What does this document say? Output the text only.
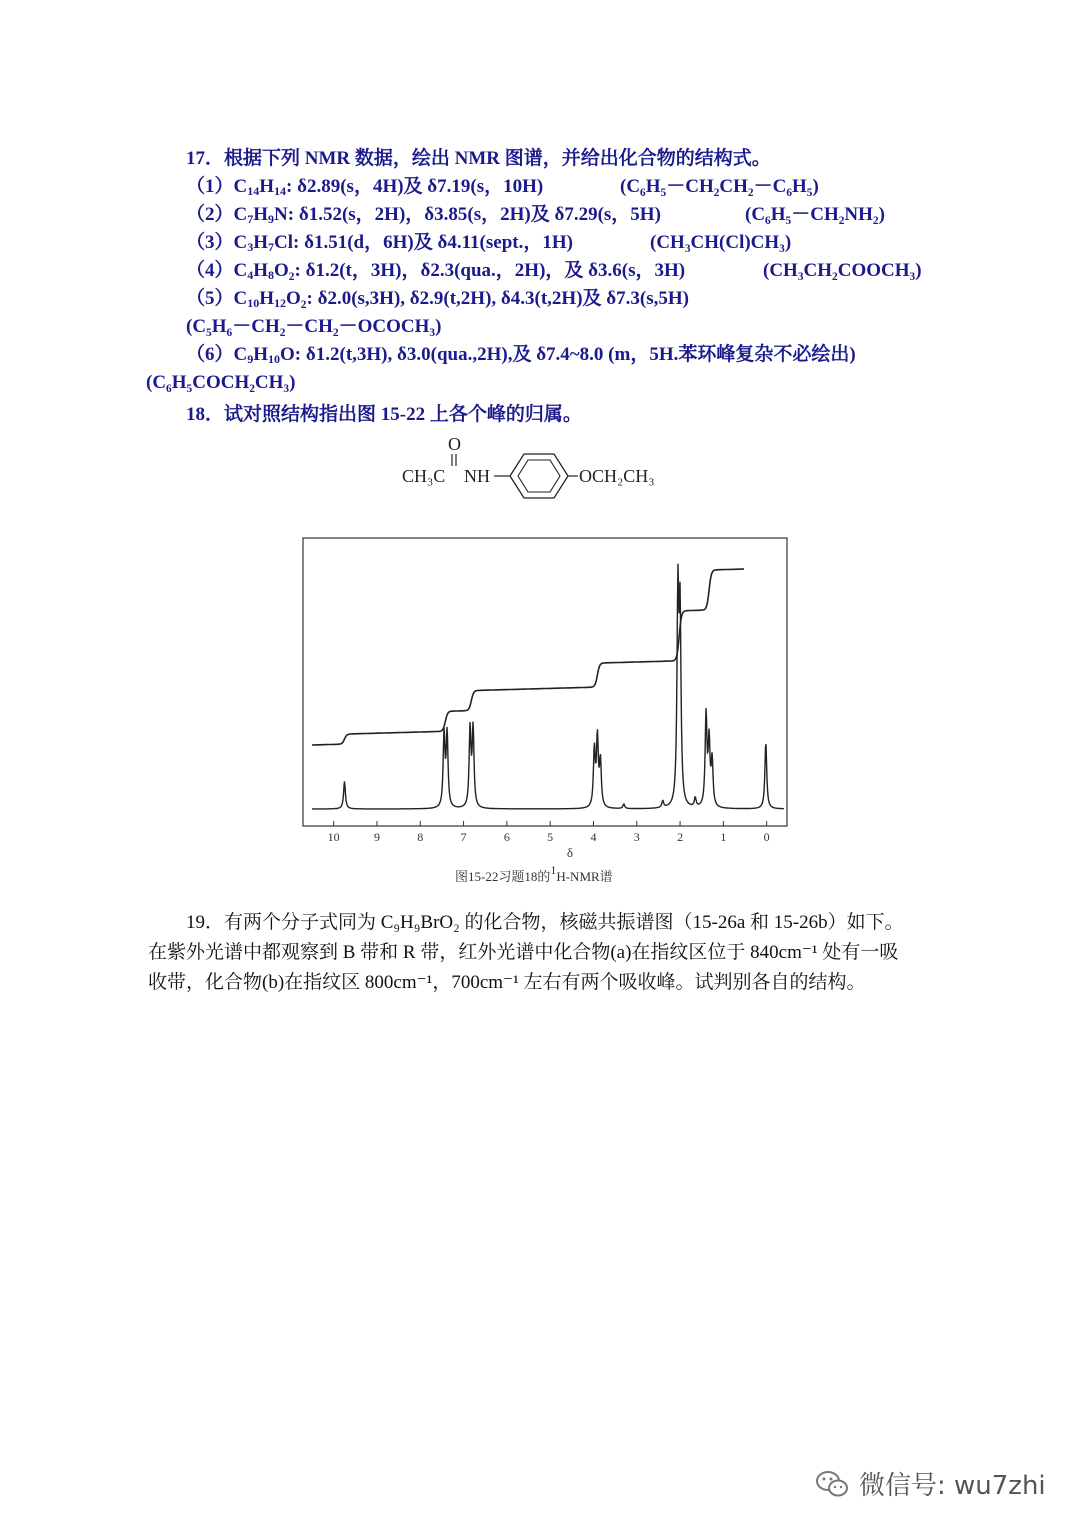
17．根据下列 NMR 数据，绘出 NMR 图谱，并给出化合物的结构式。
$(1)C_{14}H_{14}$: δ2.89(s，4H)及 δ7.19(s，10H)	(C₆H₅－CH₂CH₂－C₆H₅)
$(2)C_7H_9N$: δ1.52(s，2H)，δ3.85(s，2H)及 δ7.29(s，5H)	(C₆H₅－CH₂NH₂)
$(3)C_3H_7Cl$: δ1.51(d，6H)及 δ4.11(sept.，1H)	(CH₃CH(Cl)CH₃)
$(4)C_4H_8O_2$: δ1.2(t，3H)，δ2.3(qua.，2H)，及 δ3.6(s，3H)	(CH₃CH₂COOCH₃)
$(5)C_{10}H_{12}O_2$: δ2.0(s,3H), δ2.9(t,2H), δ4.3(t,2H)及 δ7.3(s,5H)
(C₅H₆－CH₂－CH₂－OCOCH₃)
$(6)C_9H_{10}O$: δ1.2(t,3H), δ3.0(qua.,2H),及 δ7.4~8.0 (m，5H.苯环峰复杂不必绘出)
(C₆H₅COCH₂CH₃)
18．试对照结构指出图 15-22 上各个峰的归属。
O
CH₃C NH	OCH₂CH₃
10	9	8	7	6	5	4	3	2	1	0
δ
图15-22习题18的$^1$H-NMR谱
19．有两个分子式同为 C₉H₉BrO₂ 的化合物，核磁共振谱图（15-26a 和 15-26b）如下。
在紫外光谱中都观察到 B 带和 R 带，红外光谱中化合物(a)在指纹区位于 840cm⁻¹ 处有一吸
收带，化合物(b)在指纹区 800cm⁻¹，700cm⁻¹ 左右有两个吸收峰。试判别各自的结构。
微信号: wu7zhi
